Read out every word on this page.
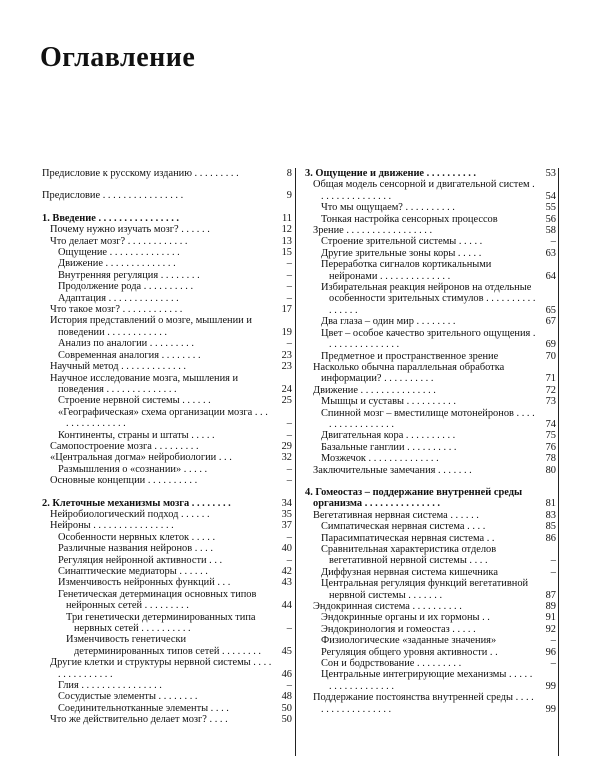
Оглавление
Предисловие к русскому изданию . . . . . . . . .	8
Предисловие . . . . . . . . . . . . . . . .	9
1. Введение . . . . . . . . . . . . . . . .	11
Почему нужно изучать мозг? . . . . . .	12
Что делает мозг? . . . . . . . . . . . .	13
Ощущение . . . . . . . . . . . . . .	15
Движение . . . . . . . . . . . . . .	–
Внутренняя регуляция . . . . . . . .	–
Продолжение рода . . . . . . . . . .	–
Адаптация . . . . . . . . . . . . . .	–
Что такое мозг? . . . . . . . . . . . .	17
История представлений о мозге, мышлении и поведении . . . . . . . . . . . .	19
Анализ по аналогии . . . . . . . . .	–
Современная аналогия . . . . . . . .	23
Научный метод . . . . . . . . . . . . .	23
Научное исследование мозга, мышления и поведения . . . . . . . . . . . . . .	24
Строение нервной системы . . . . . .	25
«Географическая» схема организации мозга . . . . . . . . . . . . . . .	–
Континенты, страны и штаты . . . . .	–
Самопостроение мозга . . . . . . . . .	29
«Центральная догма» нейробиологии . . .	32
Размышления о «сознании» . . . . .	–
Основные концепции . . . . . . . . . .	–
2. Клеточные механизмы мозга . . . . . . . .	34
Нейробиологический подход . . . . . .	35
Нейроны . . . . . . . . . . . . . . . .	37
Особенности нервных клеток . . . . .	–
Различные названия нейронов . . . .	40
Регуляция нейронной активности . . .	–
Синаптические медиаторы . . . . . .	42
Изменчивость нейронных функций . . .	43
Генетическая детерминация основных типов нейронных сетей . . . . . . . . .	44
Три генетически детерминированных типа нервных сетей . . . . . . . . . .	–
Изменчивость генетически детерминированных типов сетей . . . . . . . .	45
Другие клетки и структуры нервной системы . . . . . . . . . . . . . . .	46
Глия . . . . . . . . . . . . . . . .	–
Сосудистые элементы . . . . . . . .	48
Соединительнотканные элементы . . . .	50
Что же действительно делает мозг? . . . .	50
3. Ощущение и движение . . . . . . . . . .	53
Общая модель сенсорной и двигательной систем . . . . . . . . . . . . . . .	54
Что мы ощущаем? . . . . . . . . . .	55
Тонкая настройка сенсорных процессов	56
Зрение . . . . . . . . . . . . . . . . .	58
Строение зрительной системы . . . . .	–
Другие зрительные зоны коры . . . . .	63
Переработка сигналов кортикальными нейронами . . . . . . . . . . . . . .	64
Избирательная реакция нейронов на отдельные особенности зрительных стимулов . . . . . . . . . . . . . . . .	65
Два глаза – один мир . . . . . . . .	67
Цвет – особое качество зрительного ощущения . . . . . . . . . . . . . . .	69
Предметное и пространственное зрение	70
Насколько обычна параллельная обработка информации? . . . . . . . . . .	71
Движение . . . . . . . . . . . . . . .	72
Мышцы и суставы . . . . . . . . . .	73
Спинной мозг – вместилище мотонейронов . . . . . . . . . . . . . . . . .	74
Двигательная кора . . . . . . . . . .	75
Базальные ганглии . . . . . . . . . .	76
Мозжечок . . . . . . . . . . . . . .	78
Заключительные замечания . . . . . . .	80
4. Гомеостаз – поддержание внутренней среды организма . . . . . . . . . . . . . . .	81
Вегетативная нервная система . . . . . .	83
Симпатическая нервная система . . . .	85
Парасимпатическая нервная система . .	86
Сравнительная характеристика отделов вегетативной нервной системы . . . .	–
Диффузная нервная система кишечника	–
Центральная регуляция функций вегетативной нервной системы . . . . . . .	87
Эндокринная система . . . . . . . . . .	89
Эндокринные органы и их гормоны . .	91
Эндокринология и гомеостаз . . . . .	92
Физиологические «заданные значения»	–
Регуляция общего уровня активности . .	96
Сон и бодрствование . . . . . . . . .	–
Центральные интегрирующие механизмы . . . . . . . . . . . . . . . . . .	99
Поддержание постоянства внутренней среды . . . . . . . . . . . . . . . . . .	99
